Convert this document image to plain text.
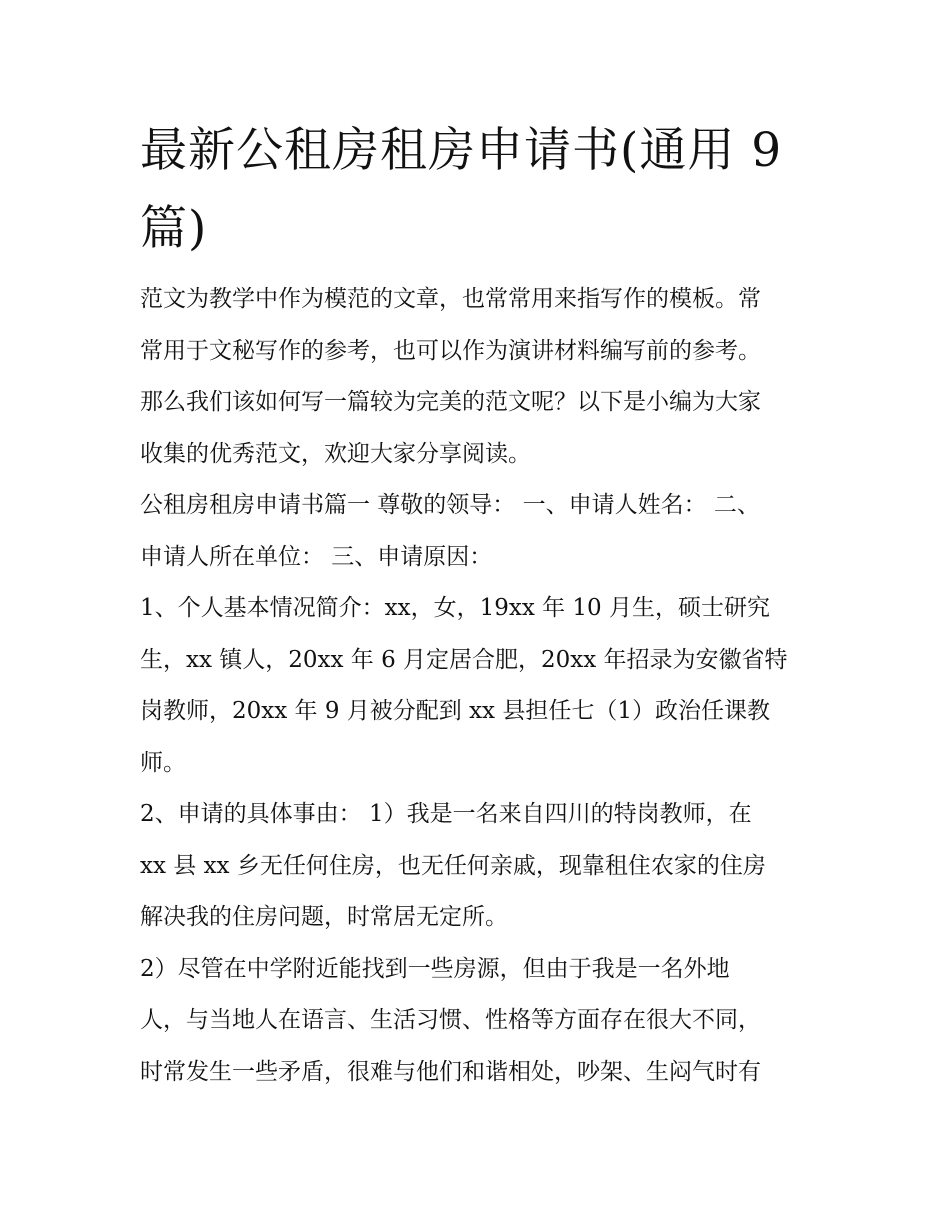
最新公租房租房申请书(通用 9
篇)

范文为教学中作为模范的文章，也常常用来指写作的模板。常
常用于文秘写作的参考，也可以作为演讲材料编写前的参考。
那么我们该如何写一篇较为完美的范文呢？以下是小编为大家
收集的优秀范文，欢迎大家分享阅读。

公租房租房申请书篇一 尊敬的领导： 一、申请人姓名： 二、
申请人所在单位： 三、申请原因：

1、个人基本情况简介：xx，女，19xx 年 10 月生，硕士研究
生，xx 镇人，20xx 年 6 月定居合肥，20xx 年招录为安徽省特
岗教师，20xx 年 9 月被分配到 xx 县担任七（1）政治任课教
师。

2、申请的具体事由： 1）我是一名来自四川的特岗教师，在
xx 县 xx 乡无任何住房，也无任何亲戚，现靠租住农家的住房
解决我的住房问题，时常居无定所。

2）尽管在中学附近能找到一些房源，但由于我是一名外地
人，与当地人在语言、生活习惯、性格等方面存在很大不同，
时常发生一些矛盾，很难与他们和谐相处，吵架、生闷气时有
